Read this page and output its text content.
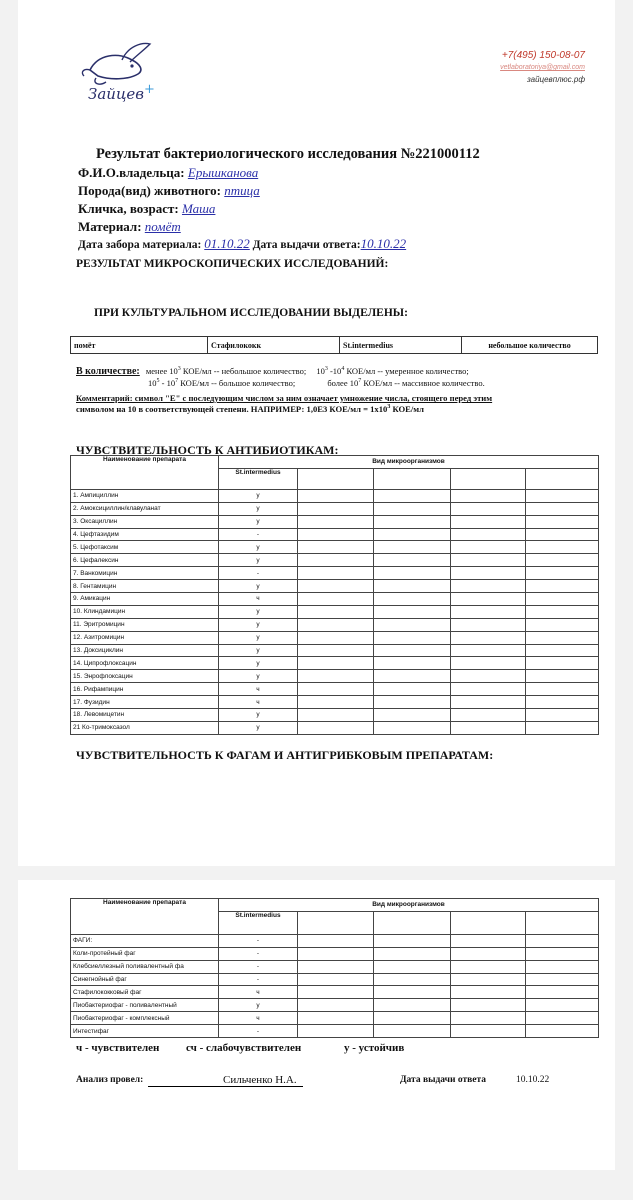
Зайцев+
+7(495) 150-08-07
vetlaboratoriya@gmail.com
зайцевплюс.рф
Результат бактериологического исследования №221000112
Ф.И.О.владельца: Ерышканова
Порода(вид) животного: птица
Кличка, возраст: Маша
Материал: помёт
Дата забора материала: 01.10.22 Дата выдачи ответа:10.10.22
РЕЗУЛЬТАТ МИКРОСКОПИЧЕСКИХ ИССЛЕДОВАНИЙ:
ПРИ КУЛЬТУРАЛЬНОМ ИССЛЕДОВАНИИ ВЫДЕЛЕНЫ:
помёт	Стафилококк	St.intermedius	небольшое количество
В количестве: менее $10^3$ КОЕ/мл -- небольшое количество; $10^3$ $-10^4$ КОЕ/мл -- умеренное количество;
$10^5 - 10^7$ КОЕ/мл -- большое количество;	более $10^7$ КОЕ/мл -- массивное количество.
Комментарий: символ "Е" с последующим числом за ним означает умножение числа, стоящего перед этим
символом на 10 в соответствующей степени. НАПРИМЕР: 1,0Е3 $КОЕ/мл = 1х10^3$ КОЕ/мл
ЧУВСТВИТЕЛЬНОСТЬ К АНТИБИОТИКАМ:
Наименование препарата	Вид микроорганизмов				
	St.intermedius				
1. Ампициллин	у				
2. Амоксициллин/клавуланат	у				
3. Оксациллин	у				
4. Цефтазидим	-				
5. Цефотаксим	у				
6. Цефалексин	у				
7. Ванкомицин	-				
8. Гентамицин	у				
9. Амикацин	ч				
10. Клиндамицин	у				
11. Эритромицин	у				
12. Азитромицин	у				
13. Доксициклин	у				
14. Ципрофлоксацин	у				
15. Энрофлоксацин	у				
16. Рифампицин	ч				
17. Фузидин	ч				
18. Левомицетин	у				
21 Ко-тримоксазол	у				
ЧУВСТВИТЕЛЬНОСТЬ К ФАГАМ И АНТИГРИБКОВЫМ ПРЕПАРАТАМ:
Наименование препарата	Вид микроорганизмов				
	St.intermedius				
ФАГИ:	-				
Коли-протейный фаг	-				
Клебсиеллезный поливалентный фа	-				
Синегнойный фаг	-				
Стафилококковый фаг	ч				
Пиобактериофаг - поливалентный	у				
Пиобактериофаг - комплексный	ч				
Интестифаг	-				
ч - чувствителен сч - слабочувствителен	у - устойчив
Анализ провел:	Сильченко Н.А.	Дата выдачи ответа	10.10.22
